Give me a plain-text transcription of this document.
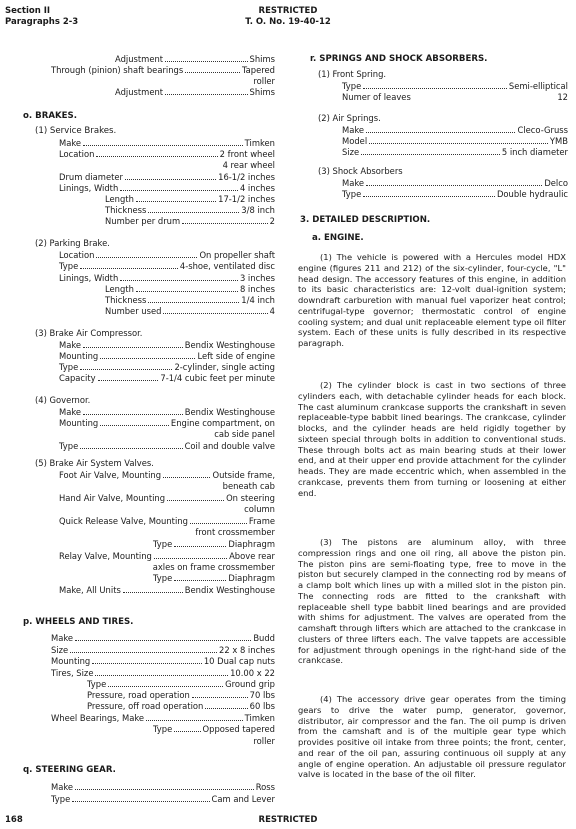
Section II
Paragraphs 2-3
RESTRICTED
T. O. No. 19-40-12
Adjustment	Shims
Through (pinion) shaft bearings	Tapered
roller
Adjustment	Shims
o. BRAKES.
(1) Service Brakes.
Make	Timken
Location	2 front wheel
4 rear wheel
Drum diameter	16-1/2 inches
Linings, Width	4 inches
Length	17-1/2 inches
Thickness	3/8 inch
Number per drum	2
(2) Parking Brake.
Location	On propeller shaft
Type	4-shoe, ventilated disc
Linings, Width	3 inches
Length	8 inches
Thickness	1/4 inch
Number used	4
(3) Brake Air Compressor.
Make	Bendix Westinghouse
Mounting	Left side of engine
Type	2-cylinder, single acting
Capacity	7-1/4 cubic feet per minute
(4) Governor.
Make	Bendix Westinghouse
Mounting	Engine compartment, on
cab side panel
Type	Coil and double valve
(5) Brake Air System Valves.
Foot Air Valve, Mounting	Outside frame,
beneath cab
Hand Air Valve, Mounting	On steering
column
Quick Release Valve, Mounting	Frame
front crossmember
Type	Diaphragm
Relay Valve, Mounting	Above rear
axles on frame crossmember
Type	Diaphragm
Make, All Units	Bendix Westinghouse
p. WHEELS AND TIRES.
Make	Budd
Size	22 x 8 inches
Mounting	10 Dual cap nuts
Tires, Size	10.00 x 22
Type	Ground grip
Pressure, road operation	70 lbs
Pressure, off road operation	60 lbs
Wheel Bearings, Make	Timken
Type	Opposed tapered
roller
q. STEERING GEAR.
Make	Ross
Type	Cam and Lever
r. SPRINGS AND SHOCK ABSORBERS.
(1) Front Spring.
Type	Semi-elliptical
Numer of leaves	12
(2) Air Springs.
Make	Cleco-Gruss
Model	YMB
Size	5 inch diameter
(3) Shock Absorbers
Make	Delco
Type	Double hydraulic
3. DETAILED DESCRIPTION.
a. ENGINE.

(1) The vehicle is powered with a Hercules model HDX engine (figures 211 and 212) of the six-cylinder, four-cycle, "L" head design. The accessory features of this engine, in addition to its basic characteristics are: 12-volt dual-ignition system; downdraft carburetion with manual fuel vaporizer heat control; centrifugal-type governor; thermostatic control of engine cooling system; and dual unit replaceable element type oil filter system. Each of these units is fully described in its respective paragraph.

(2) The cylinder block is cast in two sections of three cylinders each, with detachable cylinder heads for each block. The cast aluminum crankcase supports the crankshaft in seven replaceable-type babbit lined bearings. The crankcase, cylinder blocks, and the cylinder heads are held rigidly together by sixteen special through bolts in addition to conventional studs. These through bolts act as main bearing studs at their lower end, and at their upper end provide attachment for the cylinder heads. They are made eccentric which, when assembled in the crankcase, prevents them from turning or loosening at either end.

(3) The pistons are aluminum alloy, with three compression rings and one oil ring, all above the piston pin. The piston pins are semi-floating type, free to move in the piston but securely clamped in the connecting rod by means of a clamp bolt which lines up with a milled slot in the piston pin. The connecting rods are fitted to the crankshaft with replaceable shell type babbit lined bearings and are provided with shims for adjustment. The valves are operated from the camshaft through lifters which are attached to the crankcase in clusters of three lifters each. The valve tappets are accessible for adjustment through openings in the right-hand side of the crankcase.

(4) The accessory drive gear operates from the timing gears to drive the water pump, generator, governor, distributor, air compressor and the fan. The oil pump is driven from the camshaft and is of the multiple gear type which provides positive oil intake from three points; the front, center, and rear of the oil pan, assuring continuous oil supply at any angle of engine operation. An adjustable oil pressure regulator valve is located in the base of the oil filter.

168	RESTRICTED
